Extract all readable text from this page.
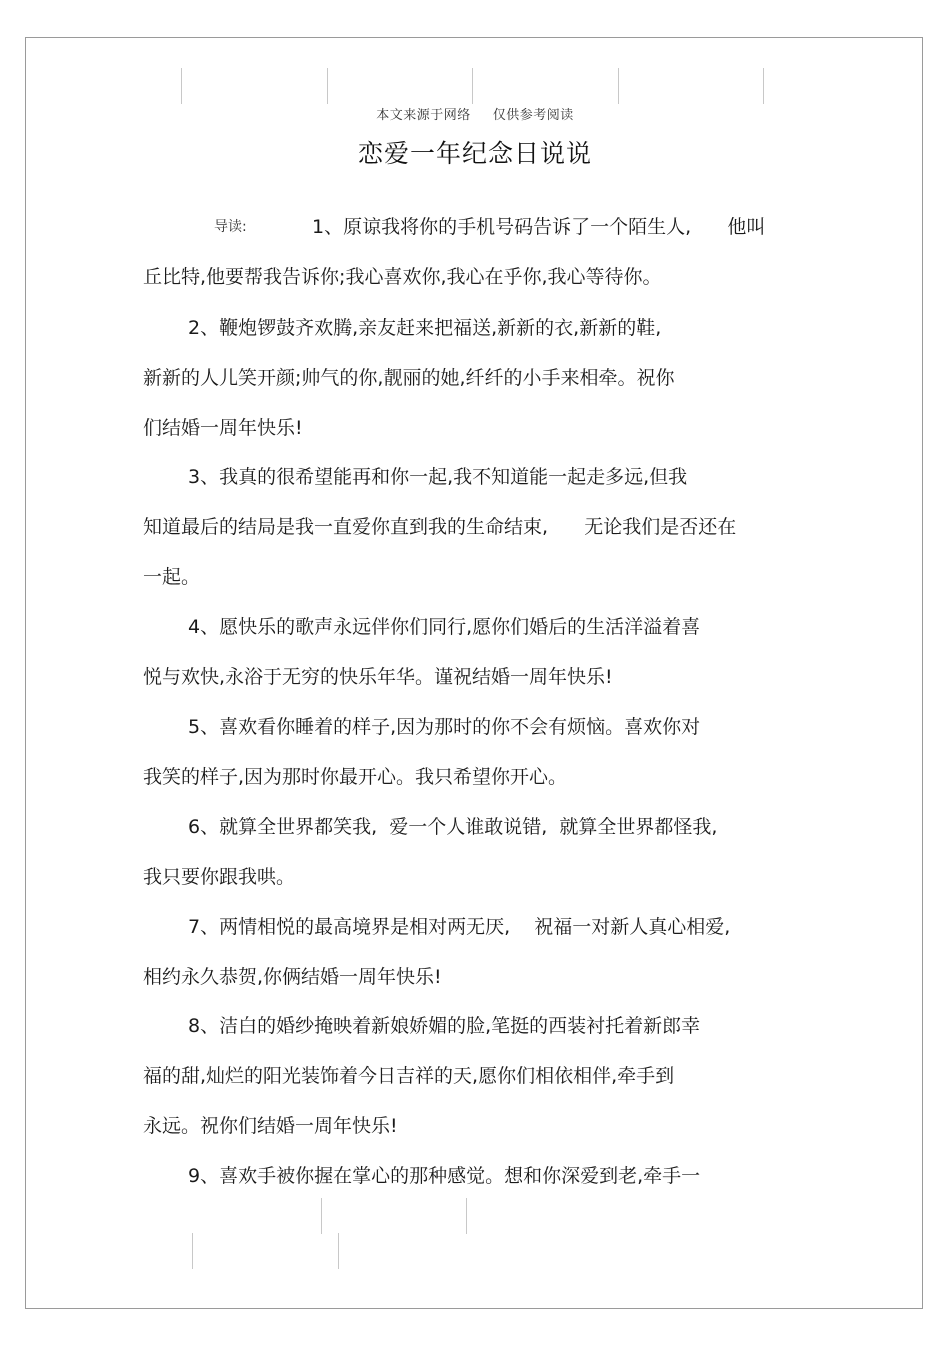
本文来源于网络 仅供参考阅读
恋爱一年纪念日说说
导读:	1、原谅我将你的手机号码告诉了一个陌生人,      他叫
丘比特,他要帮我告诉你;我心喜欢你,我心在乎你,我心等待你。
2、鞭炮锣鼓齐欢腾,亲友赶来把福送,新新的衣,新新的鞋,
新新的人儿笑开颜;帅气的你,靓丽的她,纤纤的小手来相牵。祝你
们结婚一周年快乐!
3、我真的很希望能再和你一起,我不知道能一起走多远,但我
知道最后的结局是我一直爱你直到我的生命结束,      无论我们是否还在
一起。
4、愿快乐的歌声永远伴你们同行,愿你们婚后的生活洋溢着喜
悦与欢快,永浴于无穷的快乐年华。谨祝结婚一周年快乐!
5、喜欢看你睡着的样子,因为那时的你不会有烦恼。喜欢你对
我笑的样子,因为那时你最开心。我只希望你开心。
6、就算全世界都笑我,  爱一个人谁敢说错,  就算全世界都怪我,
我只要你跟我哄。
7、两情相悦的最高境界是相对两无厌,    祝福一对新人真心相爱,
相约永久恭贺,你俩结婚一周年快乐!
8、洁白的婚纱掩映着新娘娇媚的脸,笔挺的西装衬托着新郎幸
福的甜,灿烂的阳光装饰着今日吉祥的天,愿你们相依相伴,牵手到
永远。祝你们结婚一周年快乐!
9、喜欢手被你握在掌心的那种感觉。想和你深爱到老,牵手一
